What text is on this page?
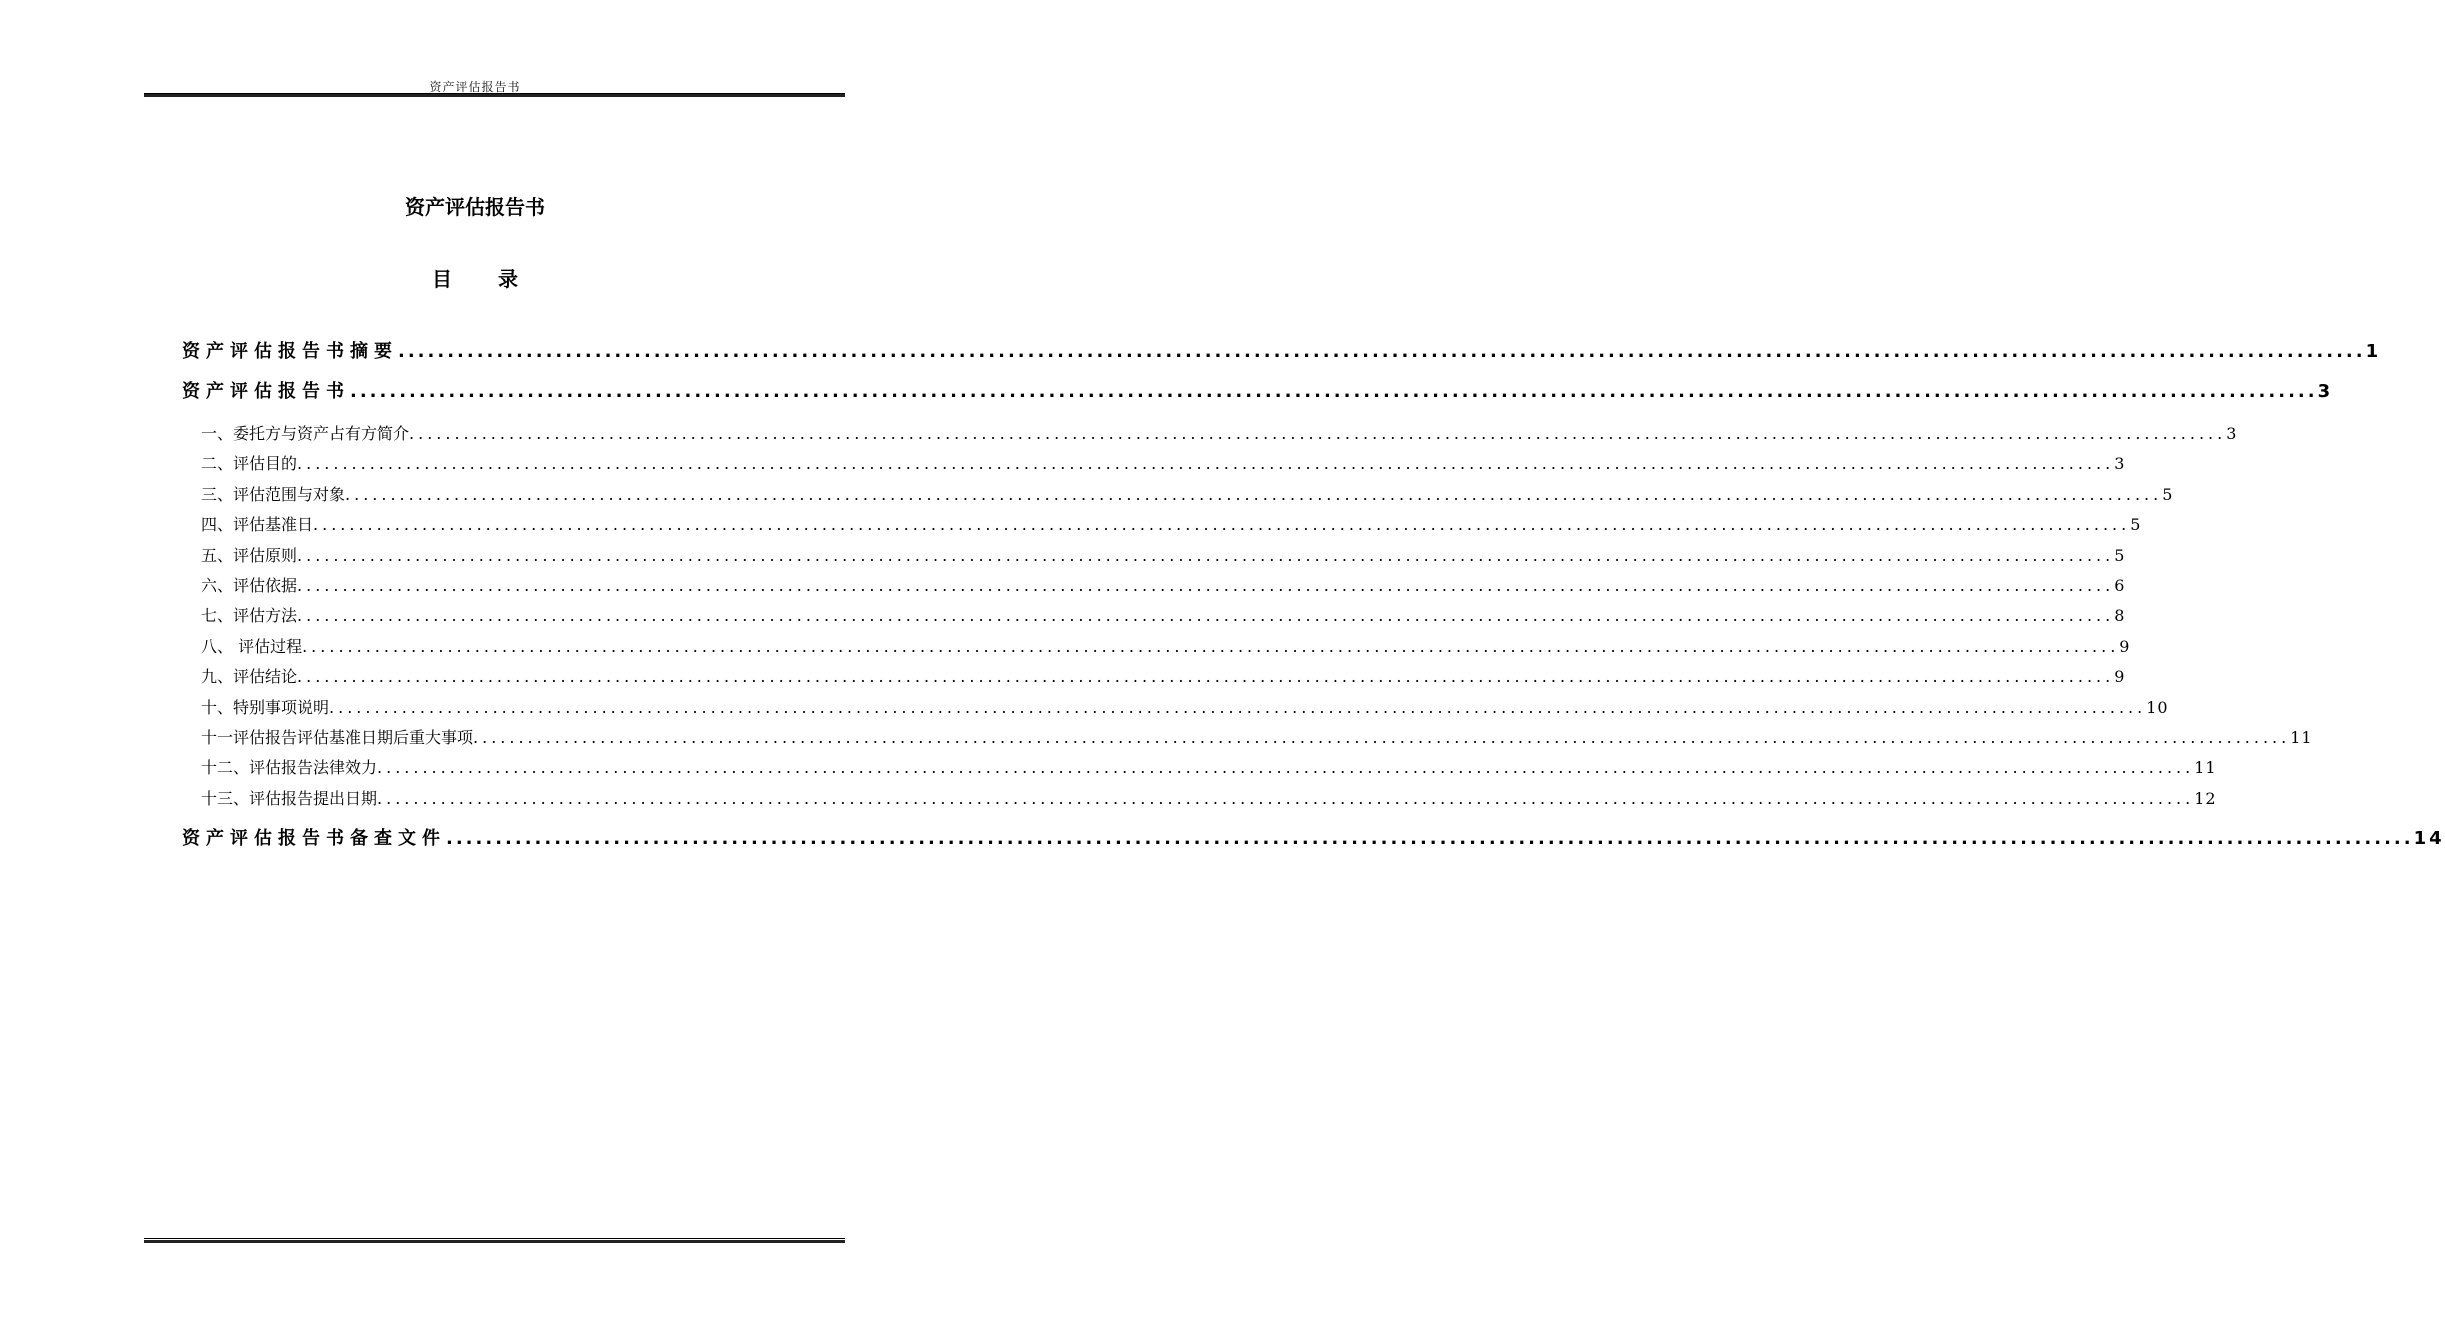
资产评估报告书
资产评估报告书
目 录
资产评估报告书摘要 ........................................................................................................................................................................................................ 1
资产评估报告书 ........................................................................................................................................................................................................ 3
一、委托方与资产占有方简介 ........................................................................................................................................................................................................ 3
二、评估目的 ........................................................................................................................................................................................................ 3
三、评估范围与对象 ........................................................................................................................................................................................................ 5
四、评估基准日 ........................................................................................................................................................................................................ 5
五、评估原则 ........................................................................................................................................................................................................ 5
六、评估依据 ........................................................................................................................................................................................................ 6
七、评估方法 ........................................................................................................................................................................................................ 8
八、 评估过程 ........................................................................................................................................................................................................ 9
九、评估结论 ........................................................................................................................................................................................................ 9
十、特别事项说明 ........................................................................................................................................................................................................ 10
十一评估报告评估基准日期后重大事项 ........................................................................................................................................................................................................ 11
十二、评估报告法律效力 ........................................................................................................................................................................................................ 11
十三、评估报告提出日期 ........................................................................................................................................................................................................ 12
资产评估报告书备查文件 ........................................................................................................................................................................................................ 14
